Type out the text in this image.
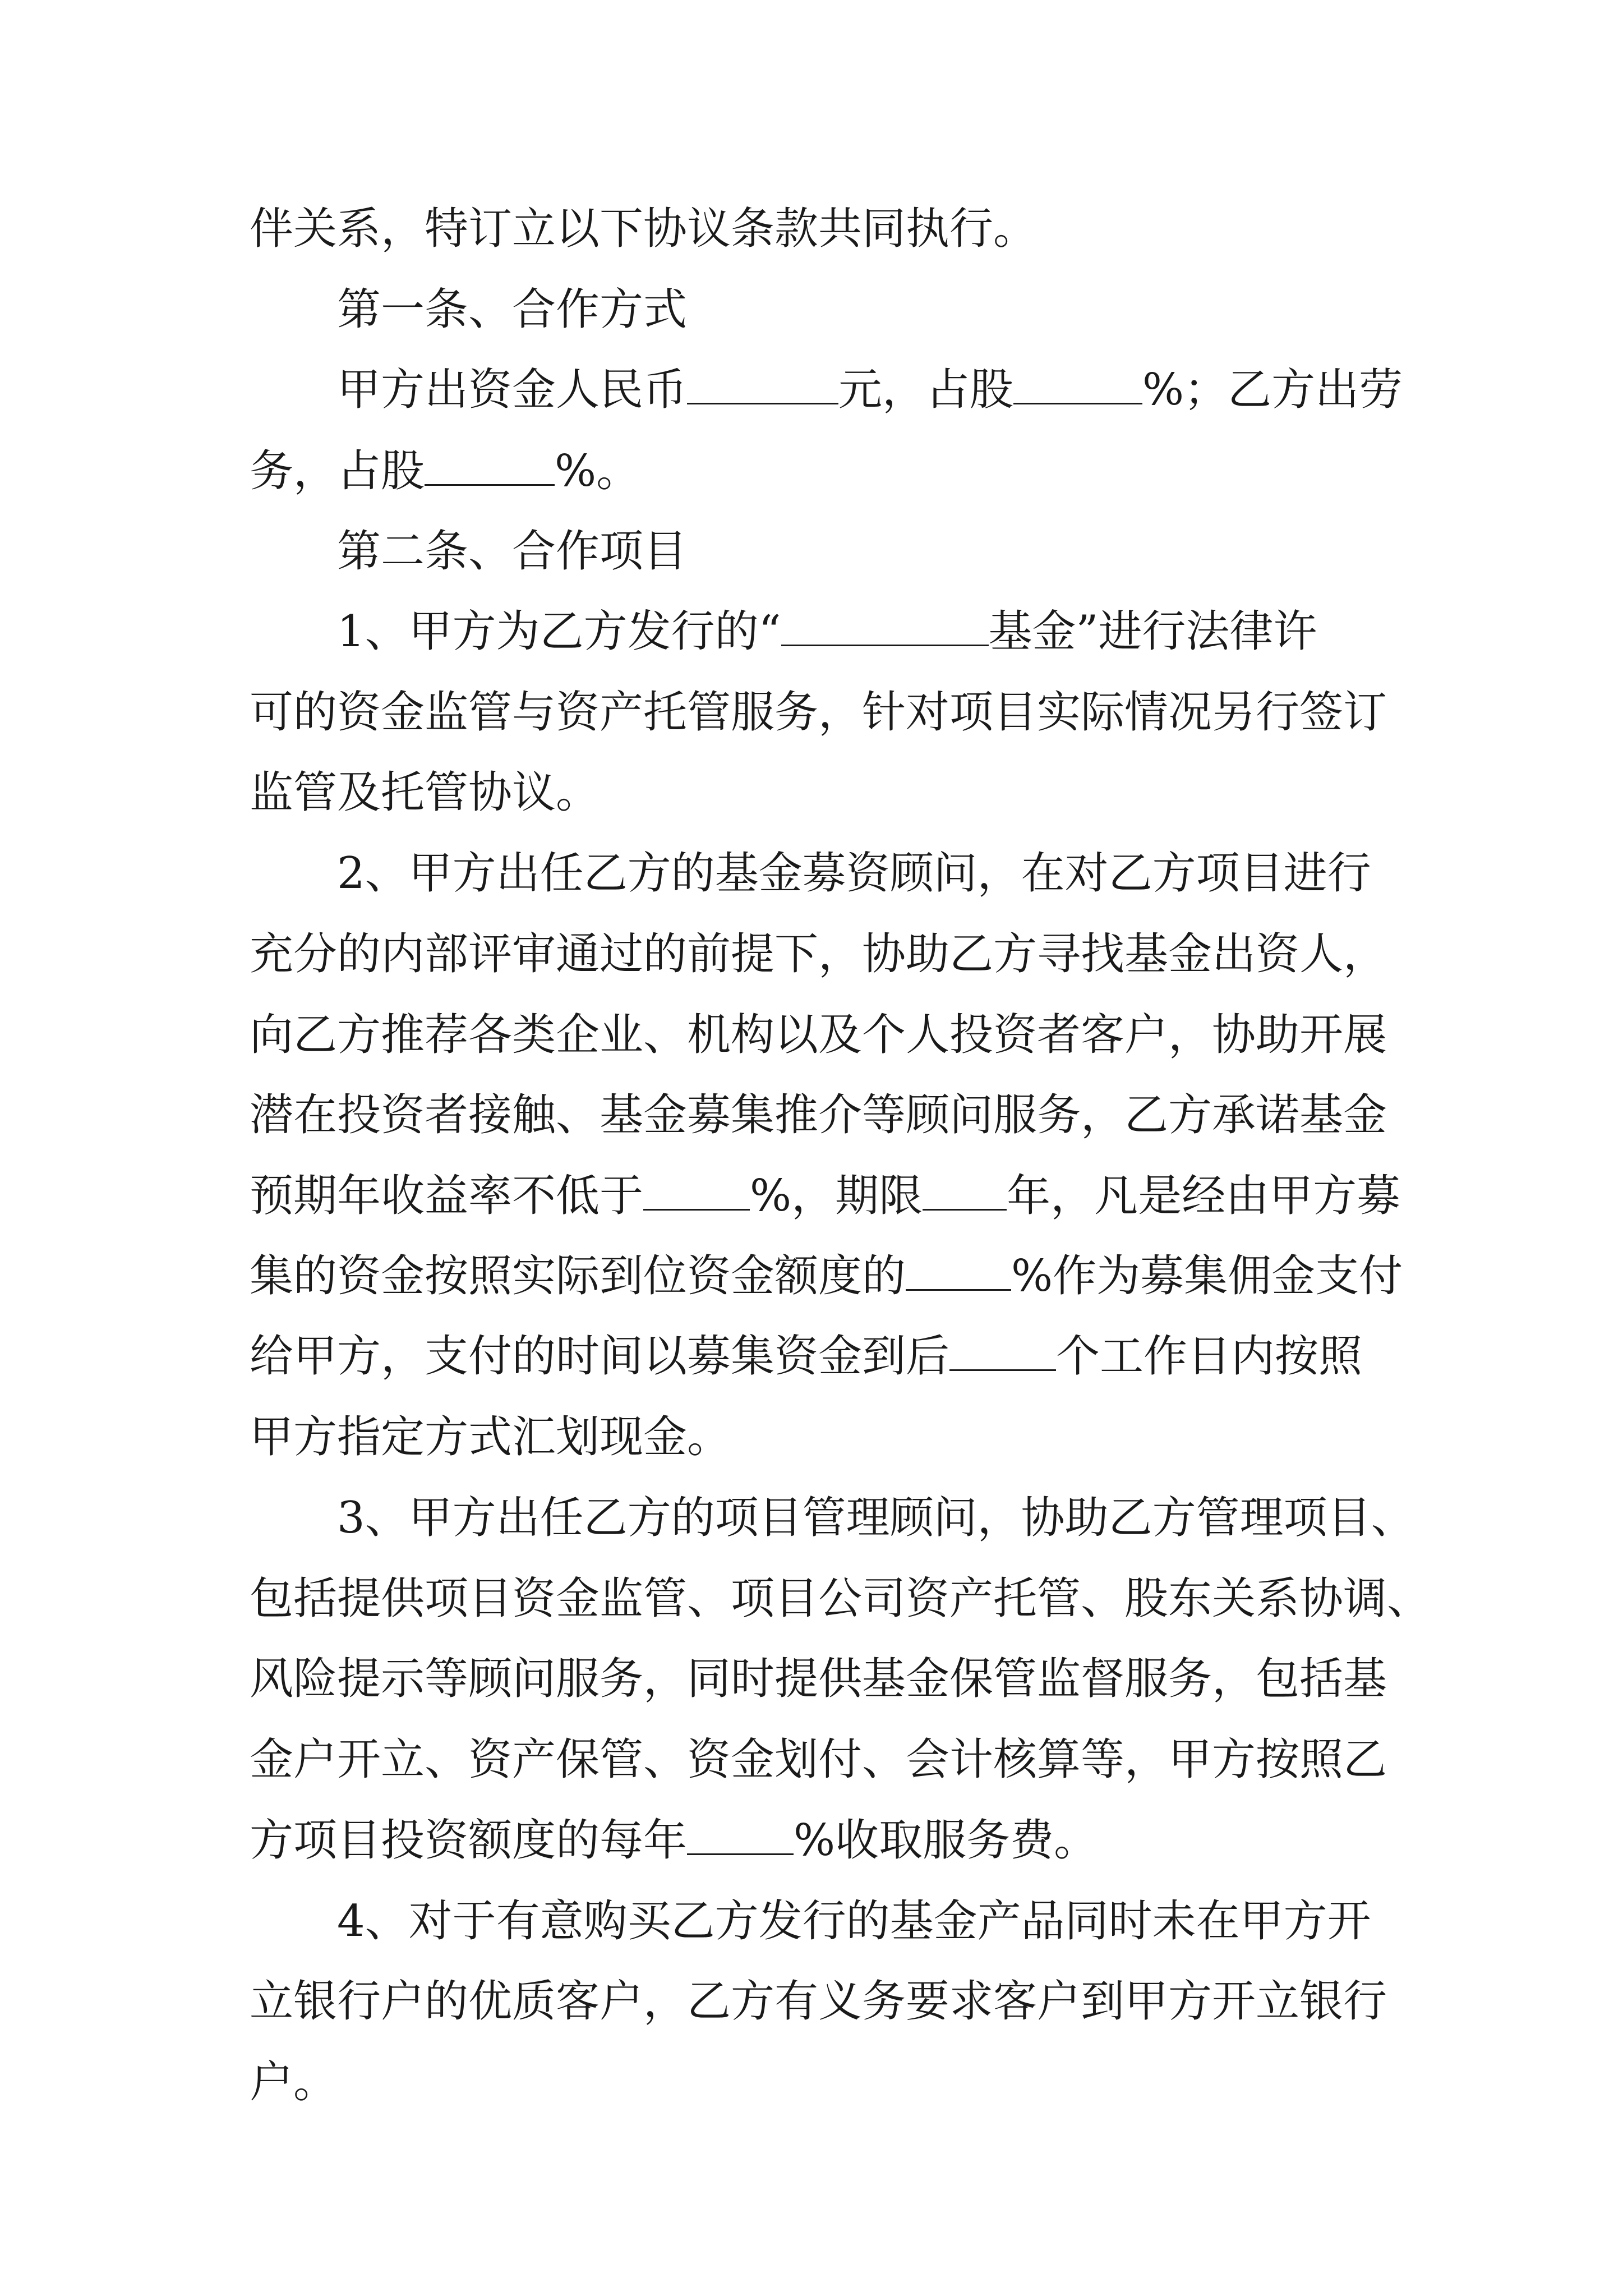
伴关系，特订立以下协议条款共同执行。
第一条、合作方式
甲方出资金人民币	元，占股	%；乙方出劳
务，占股	%。
第二条、合作项目
1、甲方为乙方发行的“	基金”进行法律许
可的资金监管与资产托管服务，针对项目实际情况另行签订
监管及托管协议。
2、甲方出任乙方的基金募资顾问，在对乙方项目进行
充分的内部评审通过的前提下，协助乙方寻找基金出资人，
向乙方推荐各类企业、机构以及个人投资者客户，协助开展
潜在投资者接触、基金募集推介等顾问服务，乙方承诺基金
预期年收益率不低于 %，期限 年，凡是经由甲方募
集的资金按照实际到位资金额度的 %作为募集佣金支付
给甲方，支付的时间以募集资金到后 个工作日内按照
甲方指定方式汇划现金。
3、甲方出任乙方的项目管理顾问，协助乙方管理项目、
包括提供项目资金监管、项目公司资产托管、股东关系协调、
风险提示等顾问服务，同时提供基金保管监督服务，包括基
金户开立、资产保管、资金划付、会计核算等，甲方按照乙
方项目投资额度的每年 %收取服务费。
4、对于有意购买乙方发行的基金产品同时未在甲方开
立银行户的优质客户，乙方有义务要求客户到甲方开立银行
户。
